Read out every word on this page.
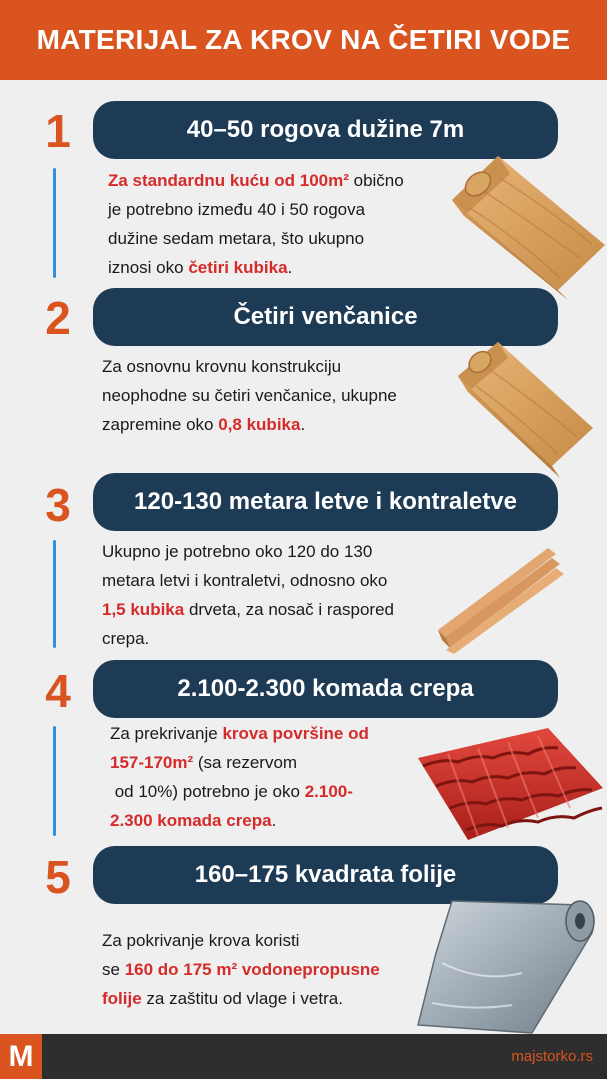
MATERIJAL ZA KROV NA ČETIRI VODE
1	40–50 rogova dužine 7m
Za standardnu kuću od 100m² obično
je potrebno između 40 i 50 rogova
dužine sedam metara, što ukupno
iznosi oko četiri kubika.
2	Četiri venčanice
Za osnovnu krovnu konstrukciju
neophodne su četiri venčanice, ukupne
zapremine oko 0,8 kubika.
3	120-130 metara letve i kontraletve
Ukupno je potrebno oko 120 do 130
metara letvi i kontraletvi, odnosno oko
1,5 kubika drveta, za nosač i raspored
crepa.
4	2.100-2.300 komada crepa
Za prekrivanje krova površine od
157-170m² (sa rezervom
od 10%) potrebno je oko 2.100-
2.300 komada crepa.
5	160–175 kvadrata folije
Za pokrivanje krova koristi
se 160 do 175 m² vodonepropusne
folije za zaštitu od vlage i vetra.
M	majstorko.rs
